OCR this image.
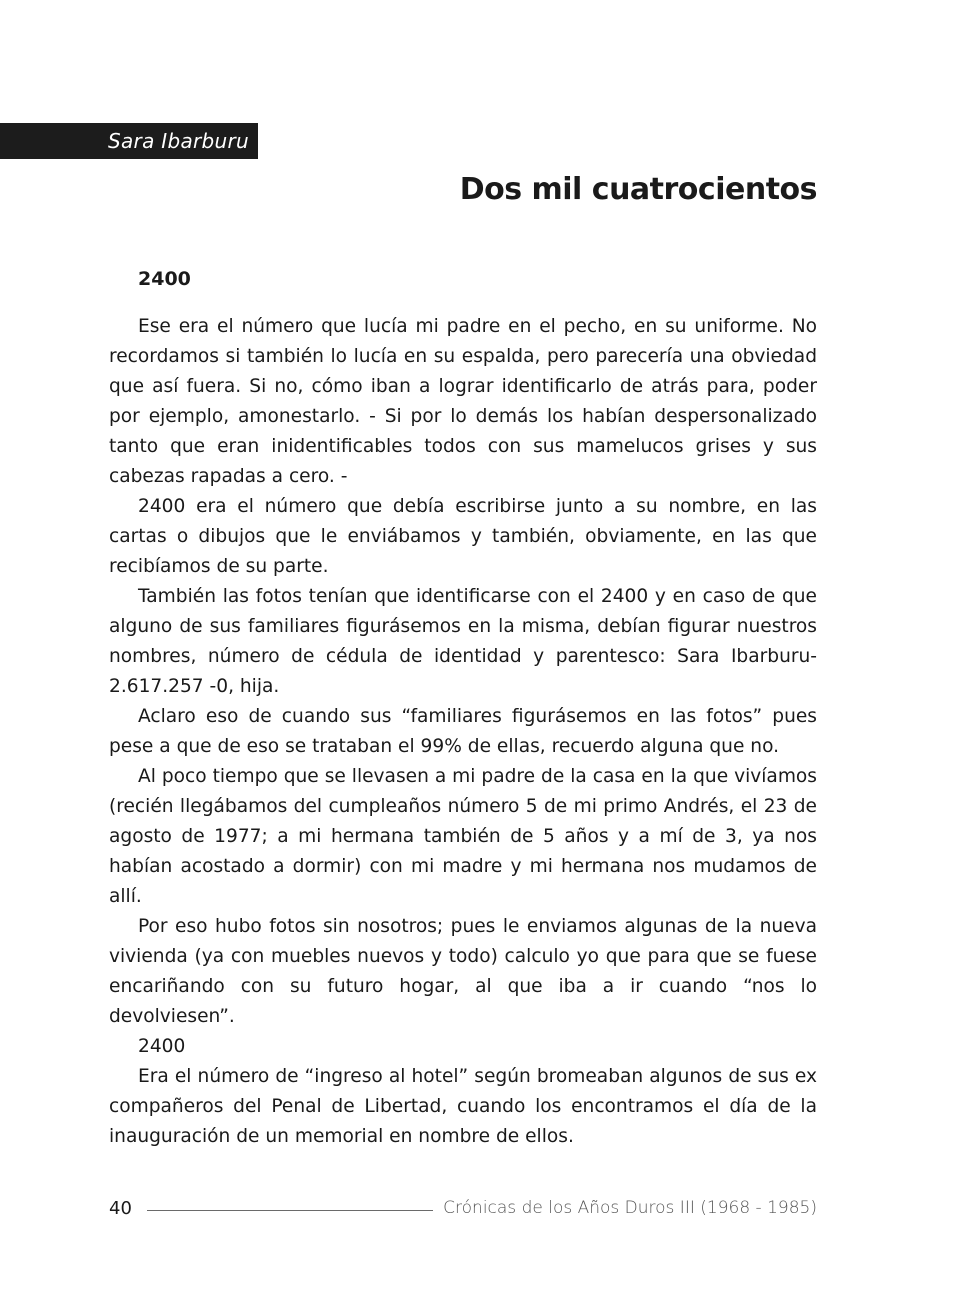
Sara Ibarburu
Dos mil cuatrocientos
2400

Ese era el número que lucía mi padre en el pecho, en su uniforme. No recordamos si también lo lucía en su espalda, pero parecería una obviedad que así fuera. Si no, cómo iban a lograr identificarlo de atrás para, poder por ejemplo, amonestarlo. - Si por lo demás los habían despersonalizado tanto que eran inidentificables todos con sus mamelucos grises y sus cabezas rapadas a cero. -

2400 era el número que debía escribirse junto a su nombre, en las cartas o dibujos que le enviábamos y también, obviamente, en las que recibíamos de su parte.

También las fotos tenían que identificarse con el 2400 y en caso de que alguno de sus familiares figurásemos en la misma, debían figurar nuestros nombres, número de cédula de identidad y parentesco: Sara Ibarburu- 2.617.257 -0, hija.

Aclaro eso de cuando sus “familiares figurásemos en las fotos” pues pese a que de eso se trataban el 99% de ellas, recuerdo alguna que no.

Al poco tiempo que se llevasen a mi padre de la casa en la que vivíamos (recién llegábamos del cumpleaños número 5 de mi primo Andrés, el 23 de agosto de 1977; a mi hermana también de 5 años y a mí de 3, ya nos habían acostado a dormir) con mi madre y mi hermana nos mudamos de allí.

Por eso hubo fotos sin nosotros; pues le enviamos algunas de la nueva vivienda (ya con muebles nuevos y todo) calculo yo que para que se fuese encariñando con su futuro hogar, al que iba a ir cuando “nos lo devolviesen”.

2400

Era el número de “ingreso al hotel” según bromeaban algunos de sus ex compañeros del Penal de Libertad, cuando los encontramos el día de la inauguración de un memorial en nombre de ellos.

40	Crónicas de los Años Duros III (1968 - 1985)
